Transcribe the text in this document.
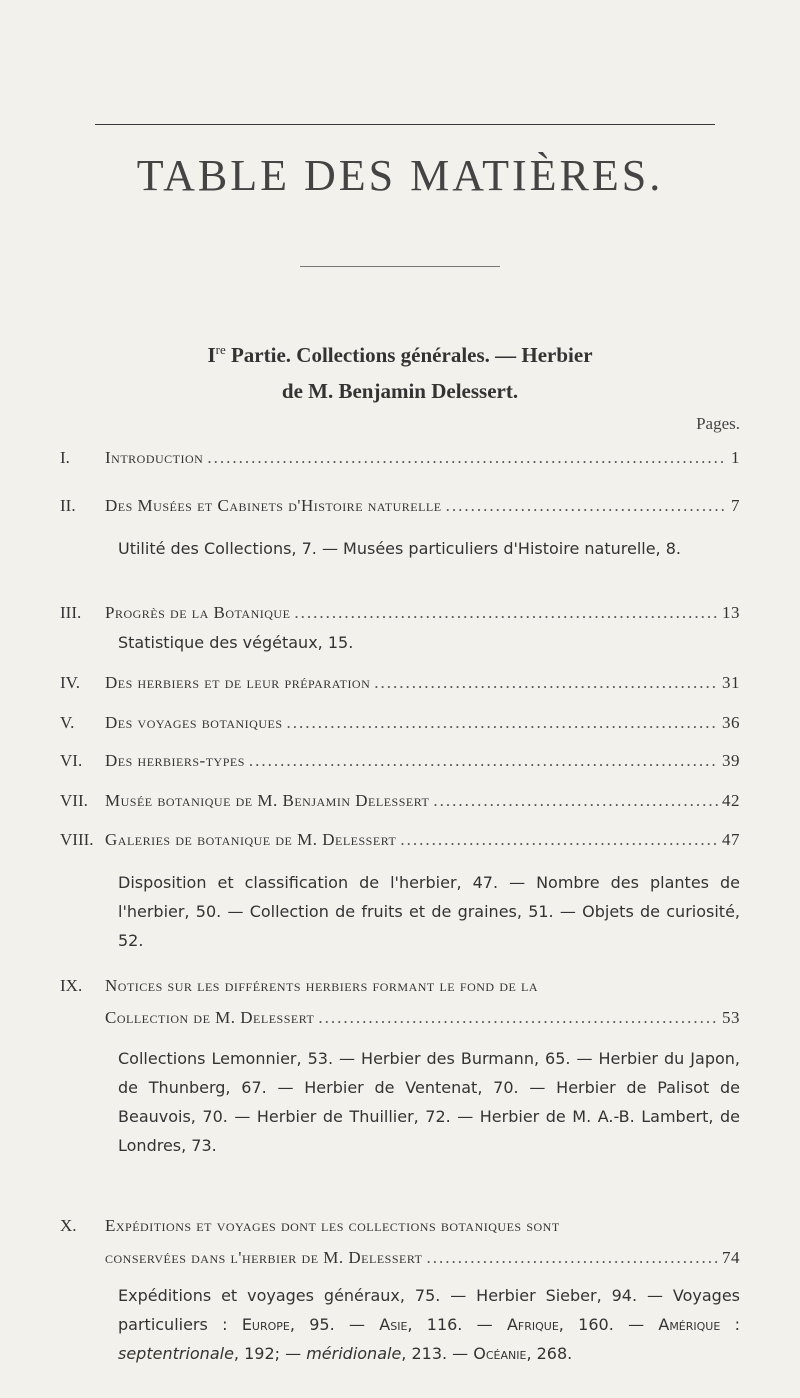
TABLE DES MATIÈRES.
Ire Partie. Collections générales. — Herbier
de M. Benjamin Delessert.
Pages.
I. Introduction .....	1
II. Des Musées et Cabinets d'Histoire naturelle .....	7
Utilité des Collections, 7. — Musées particuliers d'Histoire naturelle, 8.
III. Progrès de la Botanique .....	13
Statistique des végétaux, 15.
IV. Des herbiers et de leur préparation .....	31
V. Des voyages botaniques .....	36
VI. Des herbiers-types .....	39
VII. Musée botanique de M. Benjamin Delessert .....	42
VIII. Galeries de botanique de M. Delessert .....	47
Disposition et classification de l'herbier, 47. — Nombre des plantes de l'herbier, 50. — Collection de fruits et de graines, 51. — Objets de curiosité, 52.
IX. Notices sur les différents herbiers formant le fond de la
Collection de M. Delessert .....	53
Collections Lemonnier, 53. — Herbier des Burmann, 65. — Herbier du Japon, de Thunberg, 67. — Herbier de Ventenat, 70. — Herbier de Palisot de Beauvois, 70. — Herbier de Thuillier, 72. — Herbier de M. A.-B. Lambert, de Londres, 73.
X. Expéditions et voyages dont les collections botaniques sont
conservées dans l'herbier de M. Delessert .....	74
Expéditions et voyages généraux, 75. — Herbier Sieber, 94. — Voyages particuliers : Europe, 95. — Asie, 116. — Afrique, 160. — Amérique : septentrionale, 192; — méridionale, 213. — Océanie, 268.
